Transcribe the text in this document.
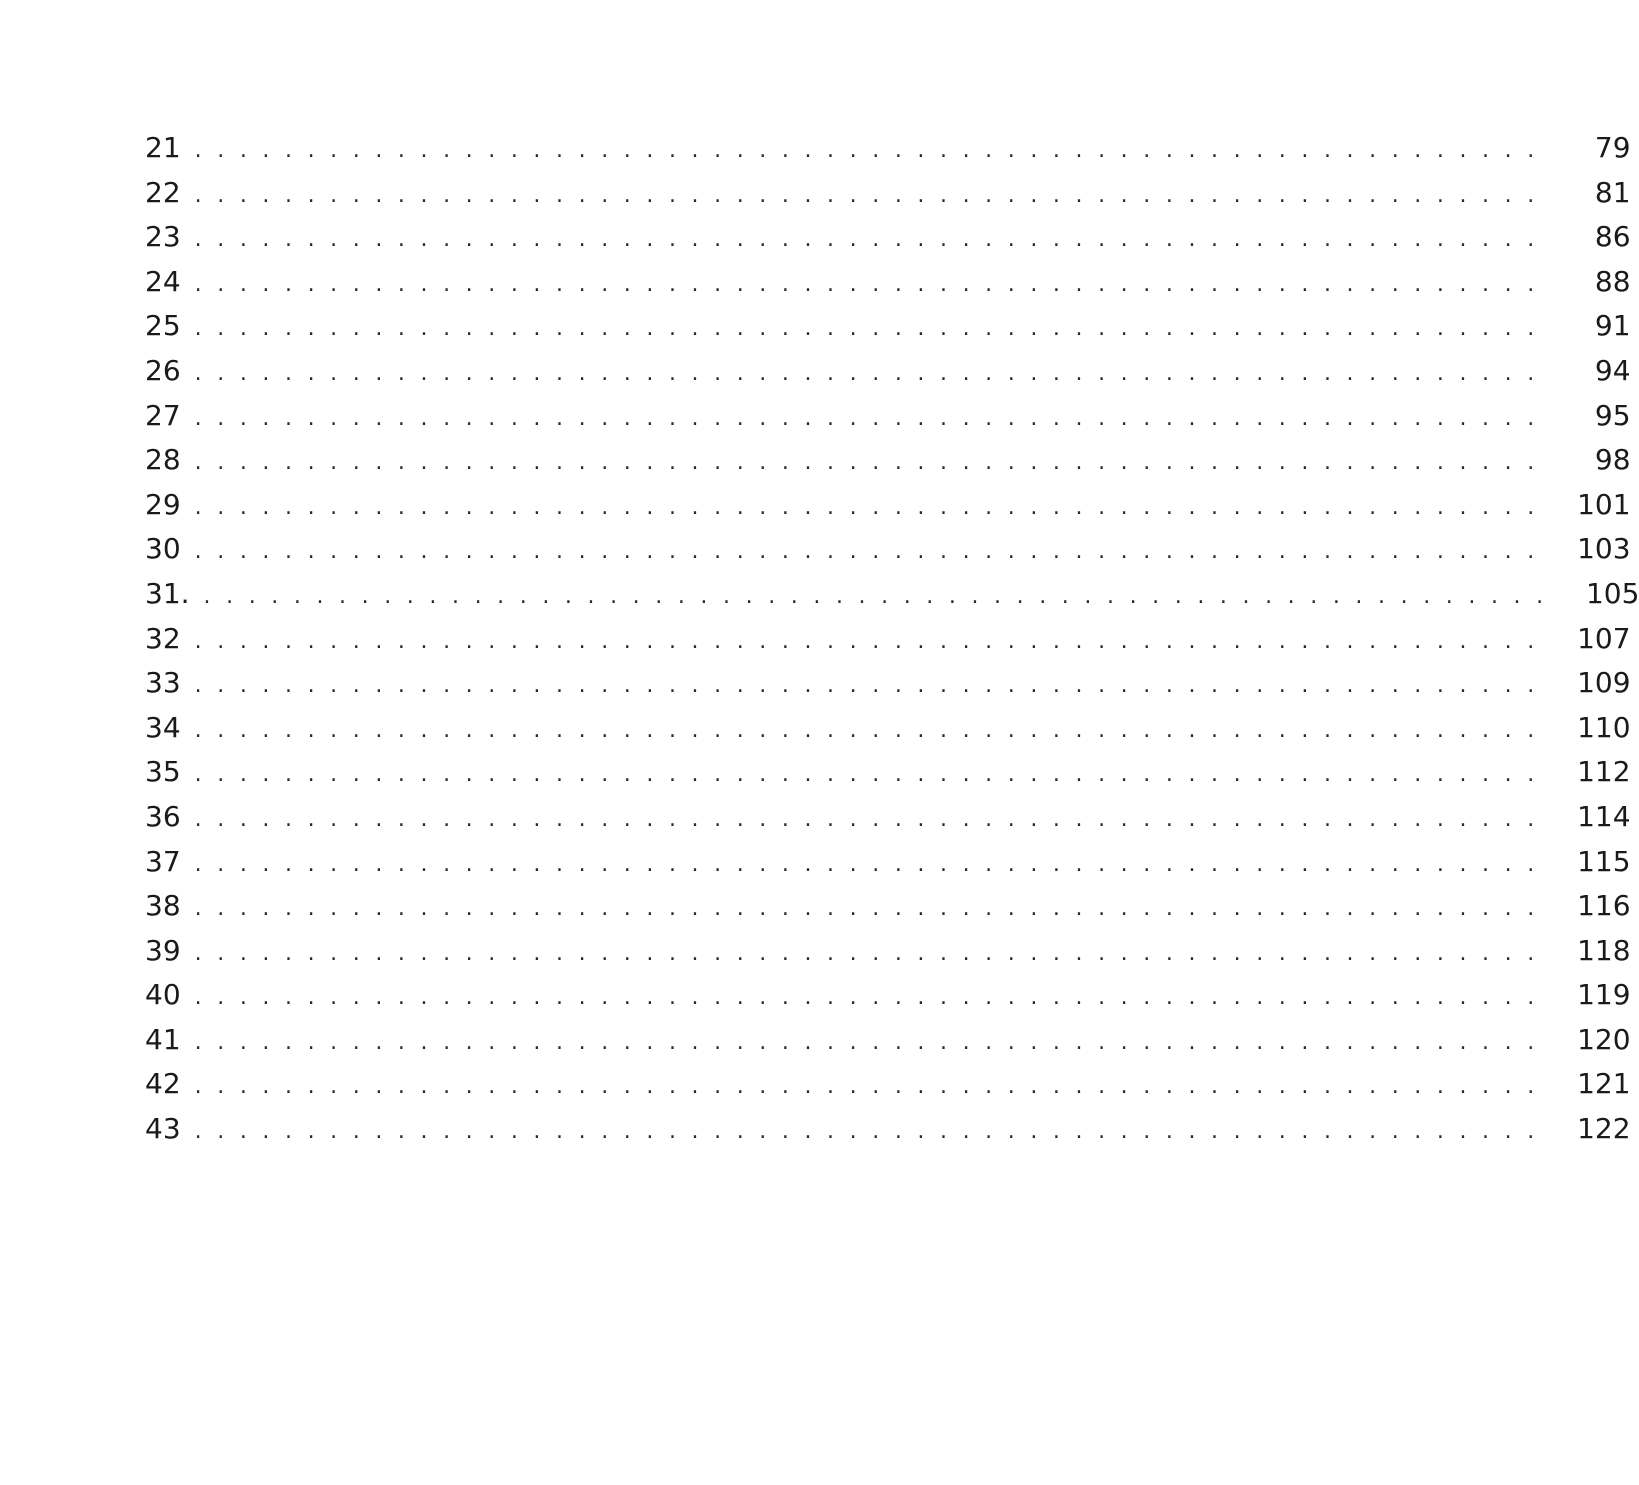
21 . . . . . . . . . . . . . . . . . . . . . . . . . . . . . . . . . . . . . . . . . . . . . . . . . . . . . . . . . . . .	79
22 . . . . . . . . . . . . . . . . . . . . . . . . . . . . . . . . . . . . . . . . . . . . . . . . . . . . . . . . . . . .	81
23 . . . . . . . . . . . . . . . . . . . . . . . . . . . . . . . . . . . . . . . . . . . . . . . . . . . . . . . . . . . .	86
24 . . . . . . . . . . . . . . . . . . . . . . . . . . . . . . . . . . . . . . . . . . . . . . . . . . . . . . . . . . . .	88
25 . . . . . . . . . . . . . . . . . . . . . . . . . . . . . . . . . . . . . . . . . . . . . . . . . . . . . . . . . . . .	91
26 . . . . . . . . . . . . . . . . . . . . . . . . . . . . . . . . . . . . . . . . . . . . . . . . . . . . . . . . . . . .	94
27 . . . . . . . . . . . . . . . . . . . . . . . . . . . . . . . . . . . . . . . . . . . . . . . . . . . . . . . . . . . .	95
28 . . . . . . . . . . . . . . . . . . . . . . . . . . . . . . . . . . . . . . . . . . . . . . . . . . . . . . . . . . . .	98
29 . . . . . . . . . . . . . . . . . . . . . . . . . . . . . . . . . . . . . . . . . . . . . . . . . . . . . . . . . . . .	101
30 . . . . . . . . . . . . . . . . . . . . . . . . . . . . . . . . . . . . . . . . . . . . . . . . . . . . . . . . . . . .	103
31. . . . . . . . . . . . . . . . . . . . . . . . . . . . . . . . . . . . . . . . . . . . . . . . . . . . . . . . . . . . .	105
32 . . . . . . . . . . . . . . . . . . . . . . . . . . . . . . . . . . . . . . . . . . . . . . . . . . . . . . . . . . . .	107
33 . . . . . . . . . . . . . . . . . . . . . . . . . . . . . . . . . . . . . . . . . . . . . . . . . . . . . . . . . . . .	109
34 . . . . . . . . . . . . . . . . . . . . . . . . . . . . . . . . . . . . . . . . . . . . . . . . . . . . . . . . . . . .	110
35 . . . . . . . . . . . . . . . . . . . . . . . . . . . . . . . . . . . . . . . . . . . . . . . . . . . . . . . . . . . .	112
36 . . . . . . . . . . . . . . . . . . . . . . . . . . . . . . . . . . . . . . . . . . . . . . . . . . . . . . . . . . . .	114
37 . . . . . . . . . . . . . . . . . . . . . . . . . . . . . . . . . . . . . . . . . . . . . . . . . . . . . . . . . . . .	115
38 . . . . . . . . . . . . . . . . . . . . . . . . . . . . . . . . . . . . . . . . . . . . . . . . . . . . . . . . . . . .	116
39 . . . . . . . . . . . . . . . . . . . . . . . . . . . . . . . . . . . . . . . . . . . . . . . . . . . . . . . . . . . .	118
40 . . . . . . . . . . . . . . . . . . . . . . . . . . . . . . . . . . . . . . . . . . . . . . . . . . . . . . . . . . . .	119
41 . . . . . . . . . . . . . . . . . . . . . . . . . . . . . . . . . . . . . . . . . . . . . . . . . . . . . . . . . . . .	120
42 . . . . . . . . . . . . . . . . . . . . . . . . . . . . . . . . . . . . . . . . . . . . . . . . . . . . . . . . . . . .	121
43 . . . . . . . . . . . . . . . . . . . . . . . . . . . . . . . . . . . . . . . . . . . . . . . . . . . . . . . . . . . .	122
